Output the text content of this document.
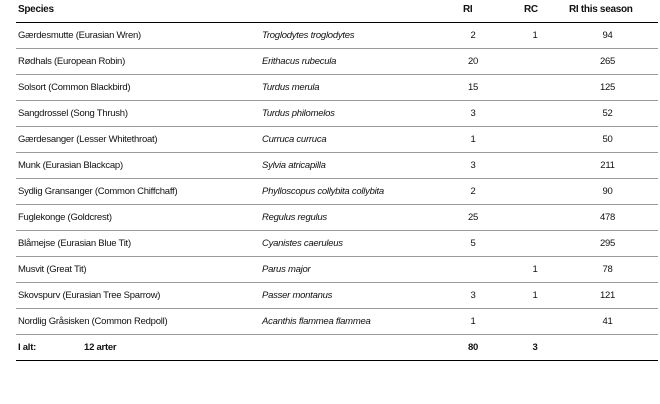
Species		RI	RC	RI this season

Gærdesmutte (Eurasian Wren)	Troglodytes troglodytes	2	1	94
Rødhals (European Robin)	Erithacus rubecula	20		265
Solsort (Common Blackbird)	Turdus merula	15		125
Sangdrossel (Song Thrush)	Turdus philomelos	3		52
Gærdesanger (Lesser Whitethroat)	Curruca curruca	1		50
Munk (Eurasian Blackcap)	Sylvia atricapilla	3		211
Sydlig Gransanger (Common Chiffchaff)	Phylloscopus collybita collybita	2		90
Fuglekonge (Goldcrest)	Regulus regulus	25		478
Blåmejse (Eurasian Blue Tit)	Cyanistes caeruleus	5		295
Musvit (Great Tit)	Parus major		1	78
Skovspurv (Eurasian Tree Sparrow)	Passer montanus	3	1	121
Nordlig Gråsisken (Common Redpoll)	Acanthis flammea flammea	1		41
I alt: 12 arter		80	3	
